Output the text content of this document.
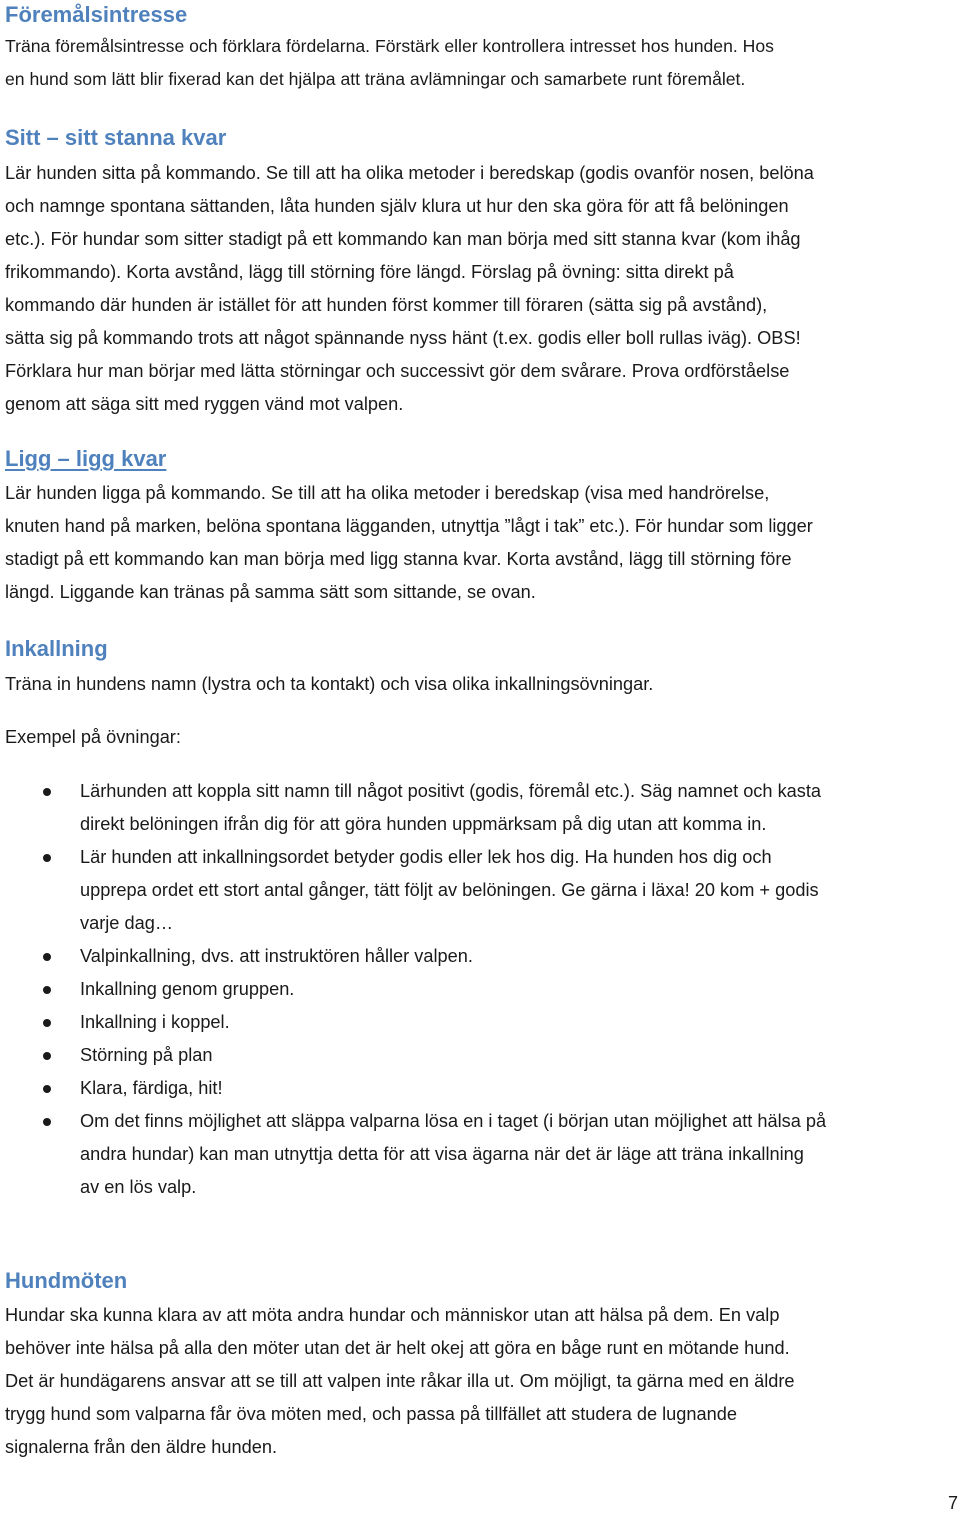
Föremålsintresse

Träna föremålsintresse och förklara fördelarna. Förstärk eller kontrollera intresset hos hunden. Hos

en hund som lätt blir fixerad kan det hjälpa att träna avlämningar och samarbete runt föremålet.

Sitt – sitt stanna kvar

Lär hunden sitta på kommando. Se till att ha olika metoder i beredskap (godis ovanför nosen, belöna

och namnge spontana sättanden, låta hunden själv klura ut hur den ska göra för att få belöningen

etc.). För hundar som sitter stadigt på ett kommando kan man börja med sitt stanna kvar (kom ihåg

frikommando). Korta avstånd, lägg till störning före längd. Förslag på övning: sitta direkt på

kommando där hunden är istället för att hunden först kommer till föraren (sätta sig på avstånd),

sätta sig på kommando trots att något spännande nyss hänt (t.ex. godis eller boll rullas iväg). OBS!

Förklara hur man börjar med lätta störningar och successivt gör dem svårare. Prova ordförståelse

genom att säga sitt med ryggen vänd mot valpen.

Ligg – ligg kvar

Lär hunden ligga på kommando. Se till att ha olika metoder i beredskap (visa med handrörelse,

knuten hand på marken, belöna spontana lägganden, utnyttja ”lågt i tak” etc.). För hundar som ligger

stadigt på ett kommando kan man börja med ligg stanna kvar. Korta avstånd, lägg till störning före

längd. Liggande kan tränas på samma sätt som sittande, se ovan.

Inkallning

Träna in hundens namn (lystra och ta kontakt) och visa olika inkallningsövningar.

Exempel på övningar:

Lärhunden att koppla sitt namn till något positivt (godis, föremål etc.). Säg namnet och kasta
direkt belöningen ifrån dig för att göra hunden uppmärksam på dig utan att komma in.
Lär hunden att inkallningsordet betyder godis eller lek hos dig. Ha hunden hos dig och
upprepa ordet ett stort antal gånger, tätt följt av belöningen. Ge gärna i läxa! 20 kom + godis
varje dag…
Valpinkallning, dvs. att instruktören håller valpen.
Inkallning genom gruppen.
Inkallning i koppel.
Störning på plan
Klara, färdiga, hit!
Om det finns möjlighet att släppa valparna lösa en i taget (i början utan möjlighet att hälsa på
andra hundar) kan man utnyttja detta för att visa ägarna när det är läge att träna inkallning
av en lös valp.
Hundmöten

Hundar ska kunna klara av att möta andra hundar och människor utan att hälsa på dem. En valp

behöver inte hälsa på alla den möter utan det är helt okej att göra en båge runt en mötande hund.

Det är hundägarens ansvar att se till att valpen inte råkar illa ut. Om möjligt, ta gärna med en äldre

trygg hund som valparna får öva möten med, och passa på tillfället att studera de lugnande

signalerna från den äldre hunden.

7
